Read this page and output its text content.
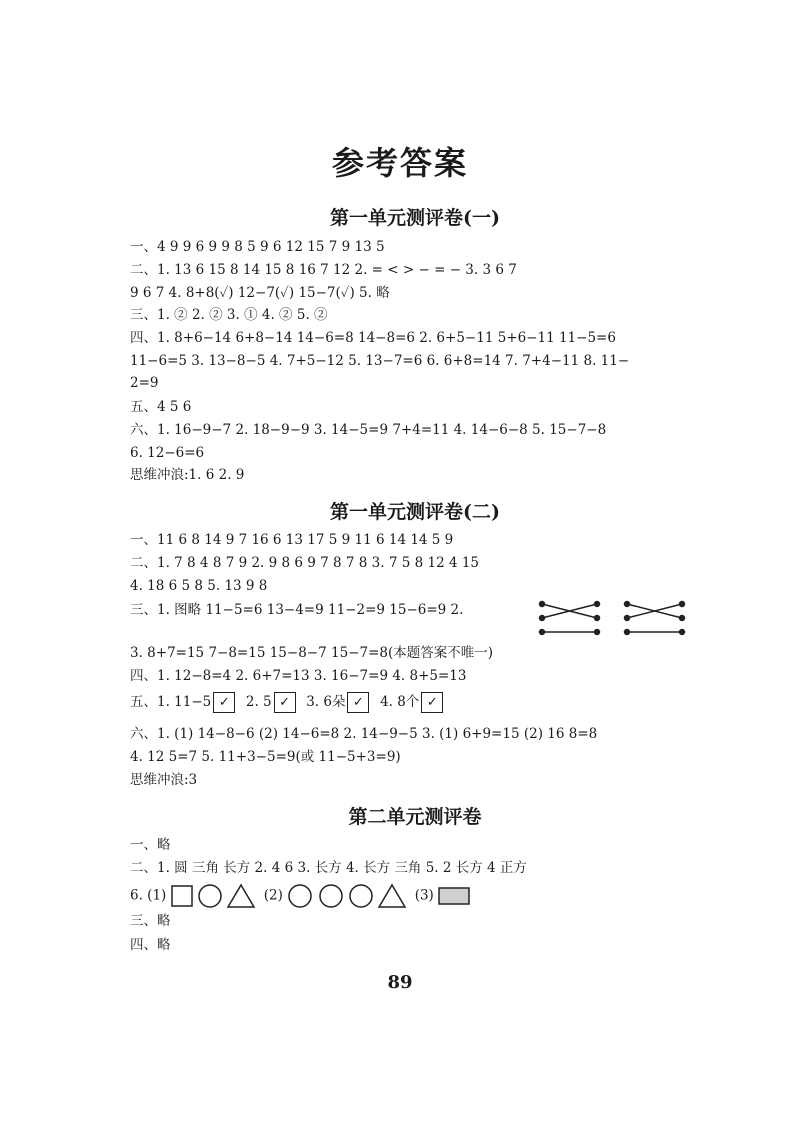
参考答案
第一单元测评卷(一)
一、4 9 9 6 9 9 8 5 9 6 12 15 7 9 13 5
二、1. 13 6 15 8 14 15 8 16 7 12 2. = < > − = − 3. 3 6 7
9 6 7 4. 8+8(✓) 12−7(✓) 15−7(✓) 5. 略
三、1. ② 2. ② 3. ① 4. ② 5. ②
四、1. 8+6−14 6+8−14 14−6=8 14−8=6 2. 6+5−11 5+6−11 11−5=6
11−6=5 3. 13−8−5 4. 7+5−12 5. 13−7=6 6. 6+8=14 7. 7+4−11 8. 11−
2=9
五、4 5 6
六、1. 16−9−7 2. 18−9−9 3. 14−5=9 7+4=11 4. 14−6−8 5. 15−7−8
6. 12−6=6
思维冲浪:1. 6 2. 9
第一单元测评卷(二)
一、11 6 8 14 9 7 16 6 13 17 5 9 11 6 14 14 5 9
二、1. 7 8 4 8 7 9 2. 9 8 6 9 7 8 7 8 3. 7 5 8 12 4 15
4. 18 6 5 8 5. 13 9 8
三、1. 图略 11−5=6 13−4=9 11−2=9 15−6=9 2.
3. 8+7=15 7−8=15 15−8−7 15−7=8(本题答案不唯一)
四、1. 12−8=4 2. 6+7=13 3. 16−7=9 4. 8+5=13
五、1. 11−5 ✓ 2. 5 ✓ 3. 6朵 ✓ 4. 8个 ✓
六、1. (1) 14−8−6 (2) 14−6=8 2. 14−9−5 3. (1) 6+9=15 (2) 16 8=8
4. 12 5=7 5. 11+3−5=9(或 11−5+3=9)
思维冲浪:3
第二单元测评卷
一、略
二、1. 圆 三角 长方 2. 4 6 3. 长方 4. 长方 三角 5. 2 长方 4 正方
6. (1)	(2)	(3)
三、略
四、略
89
